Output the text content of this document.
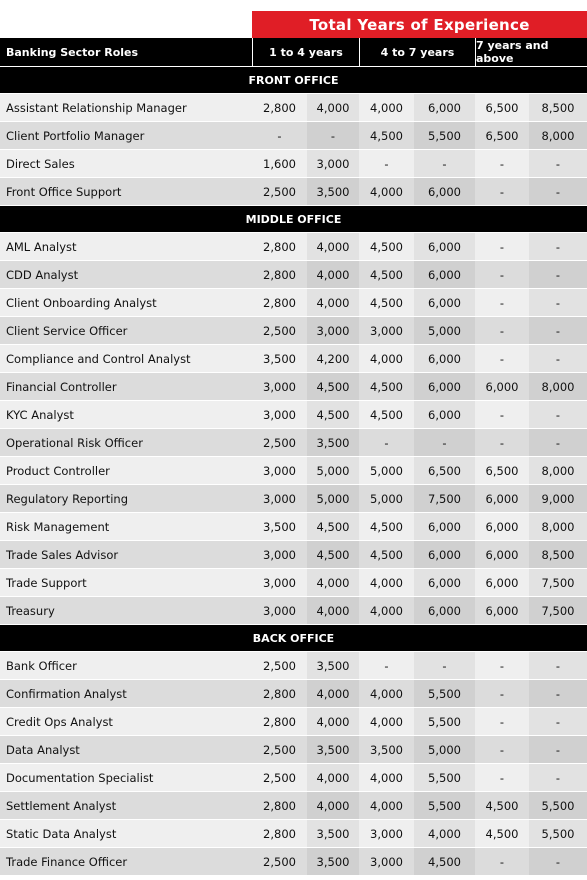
Total Years of Experience
Banking Sector Roles	1 to 4 years	4 to 7 years	7 years and above
FRONT OFFICE
Assistant Relationship Manager	2,800	4,000	4,000	6,000	6,500	8,500
Client Portfolio Manager	-	-	4,500	5,500	6,500	8,000
Direct Sales	1,600	3,000	-	-	-	-
Front Office Support	2,500	3,500	4,000	6,000	-	-
MIDDLE OFFICE
AML Analyst	2,800	4,000	4,500	6,000	-	-
CDD Analyst	2,800	4,000	4,500	6,000	-	-
Client Onboarding Analyst	2,800	4,000	4,500	6,000	-	-
Client Service Officer	2,500	3,000	3,000	5,000	-	-
Compliance and Control Analyst	3,500	4,200	4,000	6,000	-	-
Financial Controller	3,000	4,500	4,500	6,000	6,000	8,000
KYC Analyst	3,000	4,500	4,500	6,000	-	-
Operational Risk Officer	2,500	3,500	-	-	-	-
Product Controller	3,000	5,000	5,000	6,500	6,500	8,000
Regulatory Reporting	3,000	5,000	5,000	7,500	6,000	9,000
Risk Management	3,500	4,500	4,500	6,000	6,000	8,000
Trade Sales Advisor	3,000	4,500	4,500	6,000	6,000	8,500
Trade Support	3,000	4,000	4,000	6,000	6,000	7,500
Treasury	3,000	4,000	4,000	6,000	6,000	7,500
BACK OFFICE
Bank Officer	2,500	3,500	-	-	-	-
Confirmation Analyst	2,800	4,000	4,000	5,500	-	-
Credit Ops Analyst	2,800	4,000	4,000	5,500	-	-
Data Analyst	2,500	3,500	3,500	5,000	-	-
Documentation Specialist	2,500	4,000	4,000	5,500	-	-
Settlement Analyst	2,800	4,000	4,000	5,500	4,500	5,500
Static Data Analyst	2,800	3,500	3,000	4,000	4,500	5,500
Trade Finance Officer	2,500	3,500	3,000	4,500	-	-
